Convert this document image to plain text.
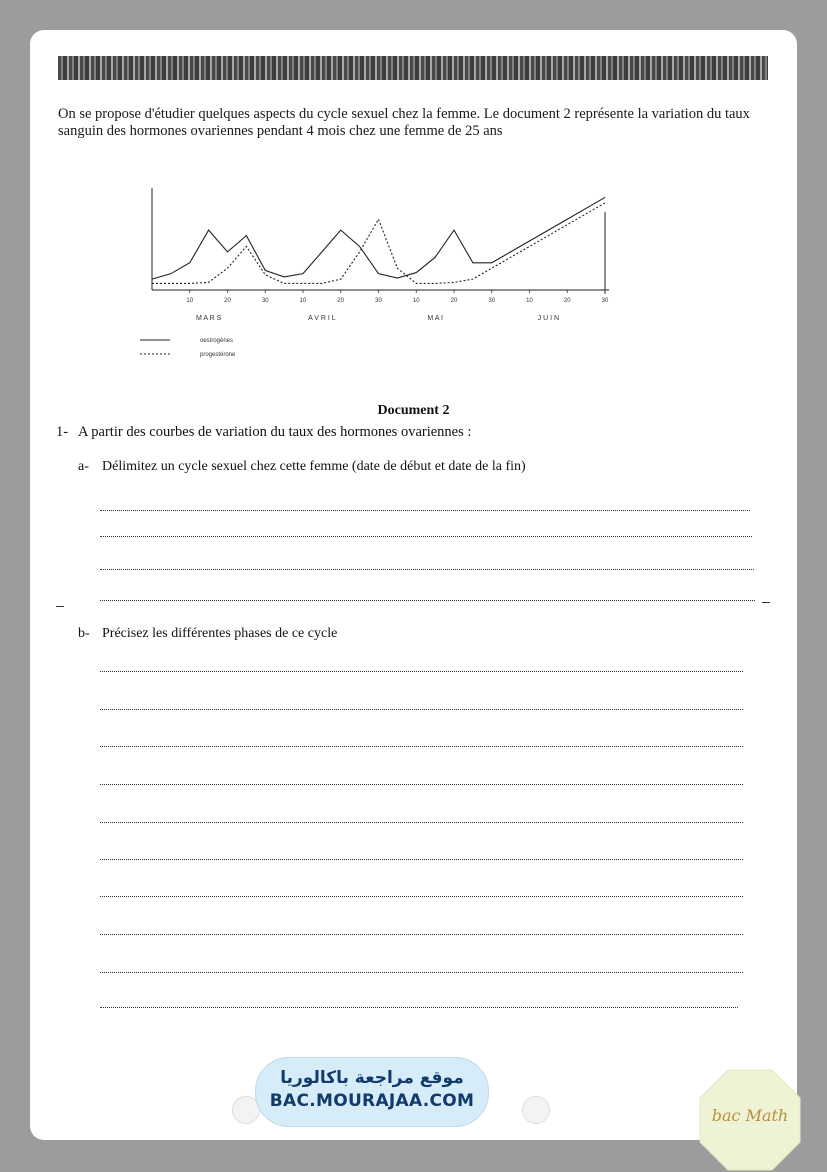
On se propose d'étudier quelques aspects du cycle sexuel chez la femme. Le document 2 représente la variation du taux sanguin des hormones ovariennes pendant 4 mois chez une femme de 25 ans
10	20	30	10	20	30	10	20	30	10	20	30
M A R S	A V R I L	M A I	J U I N
oestrogènes
progestérone
Document 2
1- A partir des courbes de variation du taux des hormones ovariennes :
a- Délimitez un cycle sexuel chez cette femme (date de début et date de la fin)
b- Précisez les différentes phases de ce cycle
موقع مراجعة باكالوريا
BAC.MOURAJAA.COM
bac Math
